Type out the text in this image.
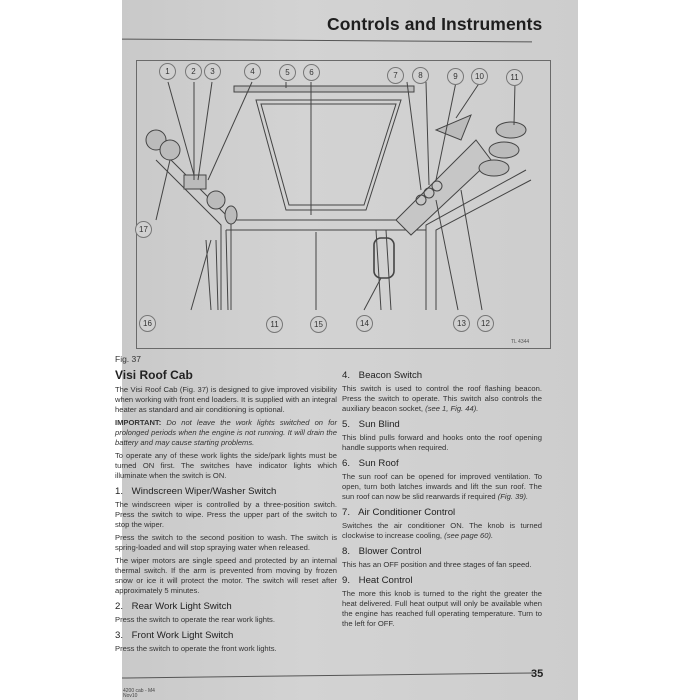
Controls and Instruments
1	2	3	4	5	6	7	8	9	10	11
17
16	11	15	14	13	12
TL 4344
Fig. 37
Visi Roof Cab

The Visi Roof Cab (Fig. 37) is designed to give improved visibility when working with front end loaders. It is supplied with an integral heater as standard and air conditioning is optional.

IMPORTANT: Do not leave the work lights switched on for prolonged periods when the engine is not running. It will drain the battery and may cause starting problems.

To operate any of these work lights the side/park lights must be turned ON first. The switches have indicator lights which illuminate when the switch is ON.

1. Windscreen Wiper/Washer Switch

The windscreen wiper is controlled by a three-position switch. Press the switch to wipe. Press the upper part of the switch to stop the wiper.

Press the switch to the second position to wash. The switch is spring-loaded and will stop spraying water when released.

The wiper motors are single speed and protected by an internal thermal switch. If the arm is prevented from moving by frozen snow or ice it will protect the motor. The switch will reset after approximately 5 minutes.

2. Rear Work Light Switch

Press the switch to operate the rear work lights.

3. Front Work Light Switch

Press the switch to operate the front work lights.

4. Beacon Switch

This switch is used to control the roof flashing beacon. Press the switch to operate. This switch also controls the auxiliary beacon socket, (see 1, Fig. 44).

5. Sun Blind

This blind pulls forward and hooks onto the roof opening handle supports when required.

6. Sun Roof

The sun roof can be opened for improved ventilation. To open, turn both latches inwards and lift the sun roof. The sun roof can now be slid rearwards if required (Fig. 39).

7. Air Conditioner Control

Switches the air conditioner ON. The knob is turned clockwise to increase cooling, (see page 60).

8. Blower Control

This has an OFF position and three stages of fan speed.

9. Heat Control

The more this knob is turned to the right the greater the heat delivered. Full heat output will only be available when the engine has reached full operating temperature. Turn to the left for OFF.

35
4200 cab - M4
Nov10
